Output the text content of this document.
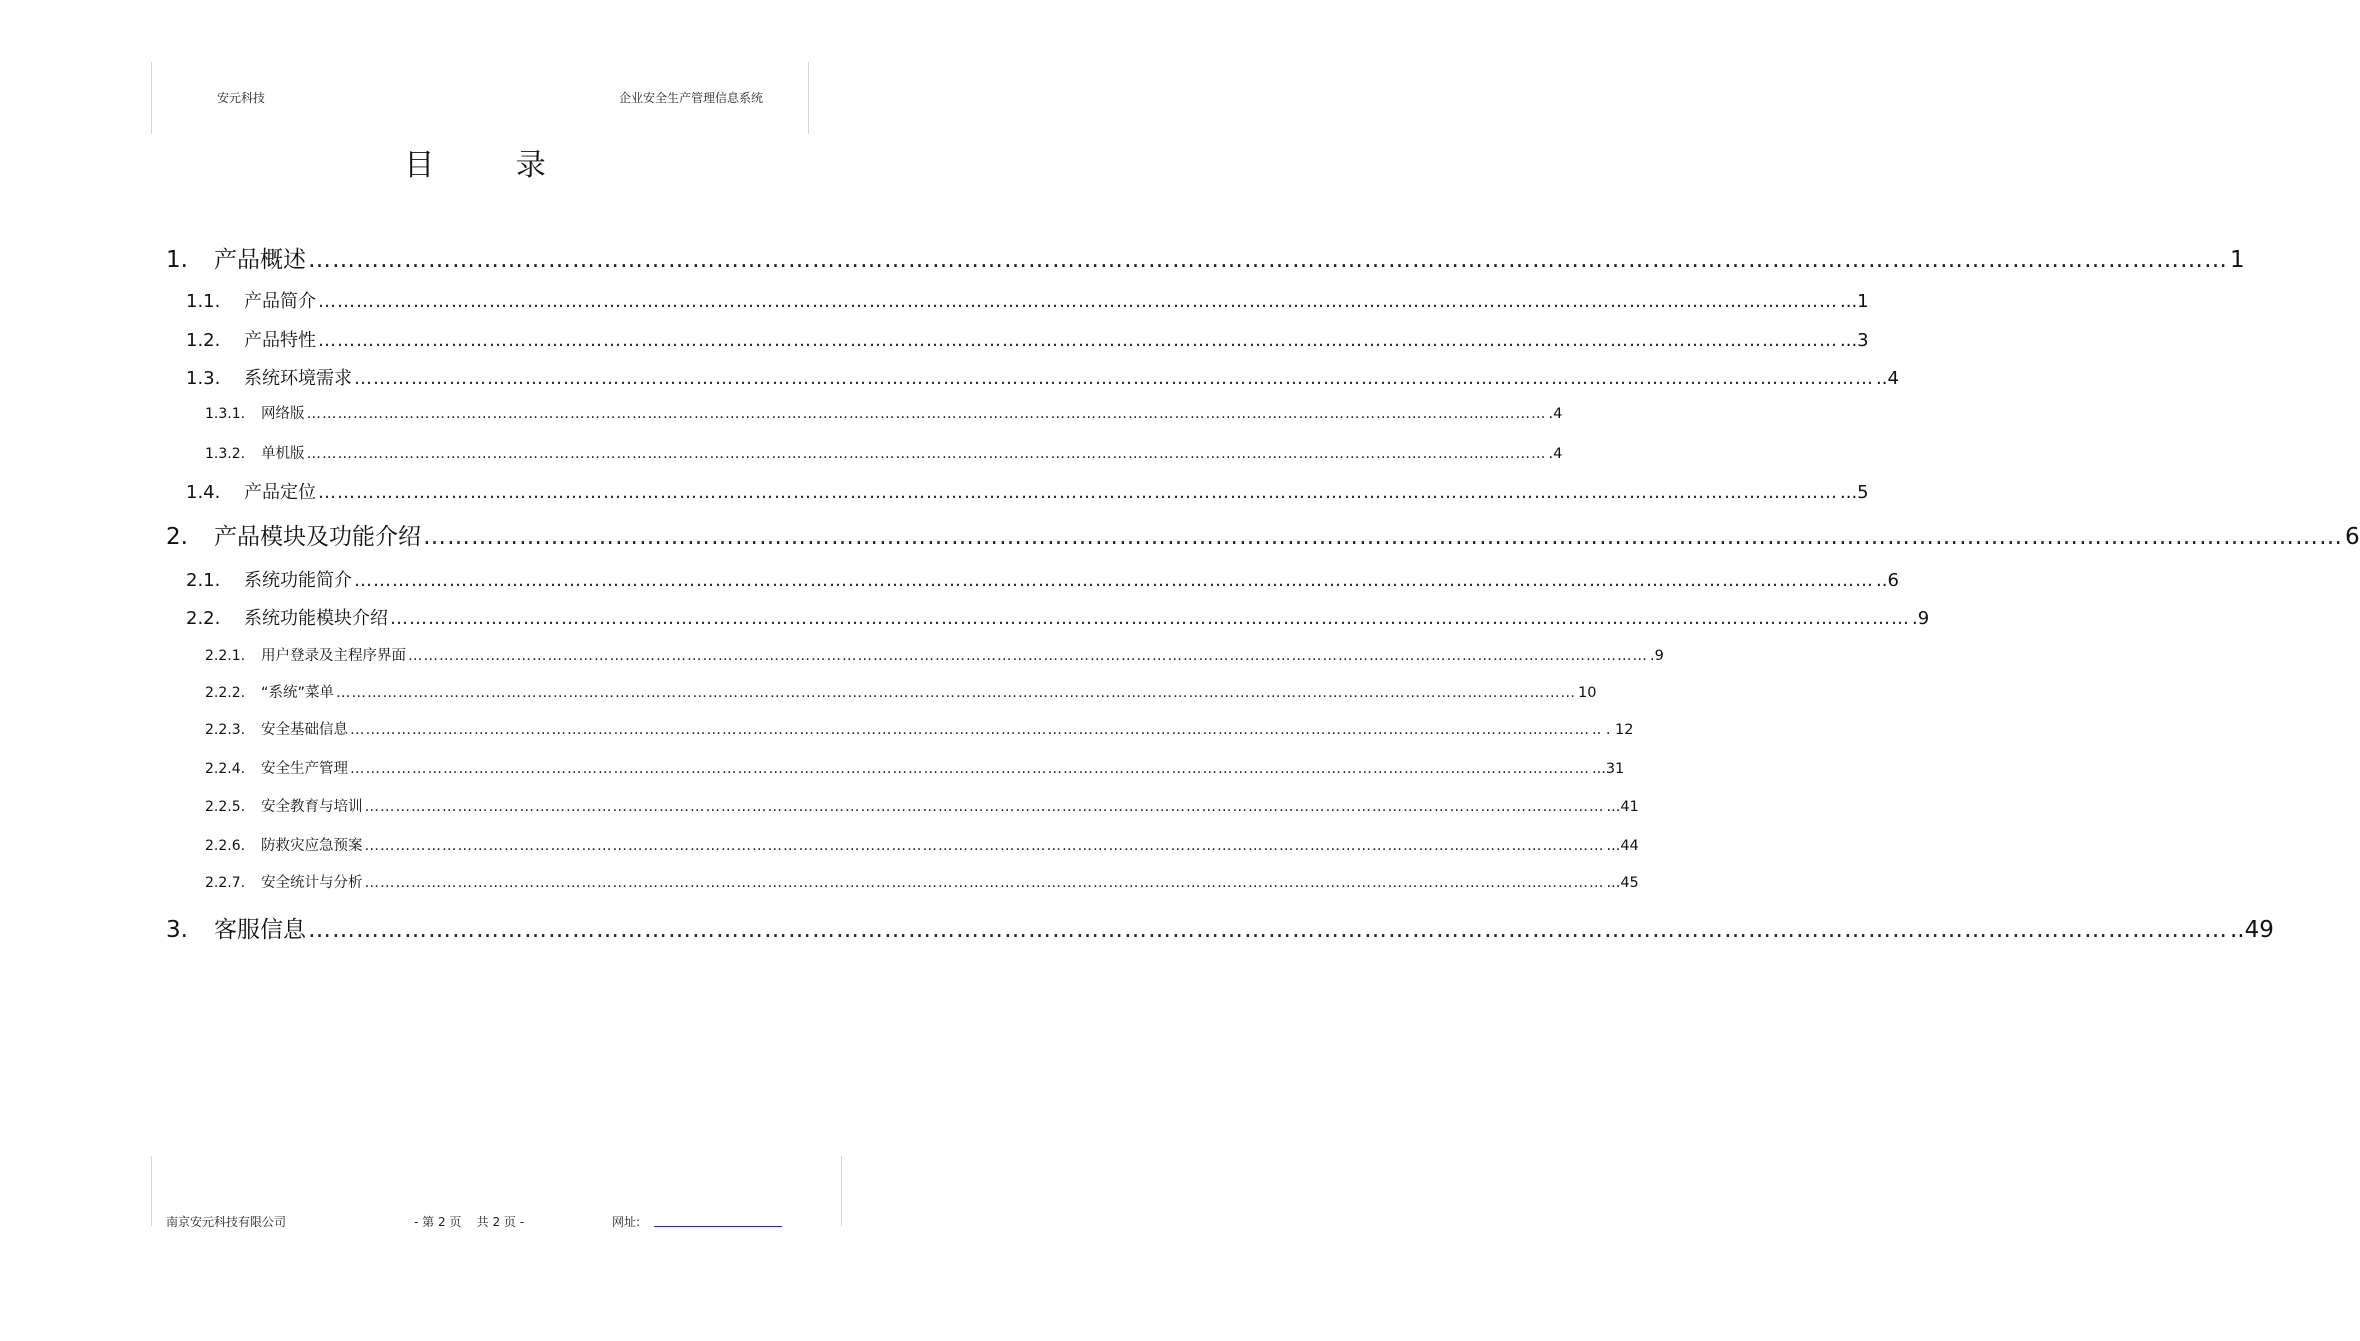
安元科技	企业安全生产管理信息系统
目 录
1.	产品概述 …………………………………………………………………………………………………………………………………………………………………………………………………………………… 1
1.1.	产品简介 …………………………………………………………………………………………………………………………………………………………………………………………………………………… ...1
1.2.	产品特性 …………………………………………………………………………………………………………………………………………………………………………………………………………………… ...3
1.3.	系统环境需求 …………………………………………………………………………………………………………………………………………………………………………………………………………………… ..4
1.3.1.	网络版 …………………………………………………………………………………………………………………………………………………………………………………………………………………… .4
1.3.2.	单机版 …………………………………………………………………………………………………………………………………………………………………………………………………………………… .4
1.4.	产品定位 …………………………………………………………………………………………………………………………………………………………………………………………………………………… ...5
2.	产品模块及功能介绍 …………………………………………………………………………………………………………………………………………………………………………………………………………………… 6
2.1.	系统功能简介 …………………………………………………………………………………………………………………………………………………………………………………………………………………… ..6
2.2.	系统功能模块介绍 …………………………………………………………………………………………………………………………………………………………………………………………………………………… .9
2.2.1.	用户登录及主程序界面 …………………………………………………………………………………………………………………………………………………………………………………………………………………… .9
2.2.2.	“系统”菜单 …………………………………………………………………………………………………………………………………………………………………………………………………………………… 10
2.2.3.	安全基础信息 …………………………………………………………………………………………………………………………………………………………………………………………………………………… .. . 12
2.2.4.	安全生产管理 …………………………………………………………………………………………………………………………………………………………………………………………………………………… ...31
2.2.5.	安全教育与培训 …………………………………………………………………………………………………………………………………………………………………………………………………………………… ...41
2.2.6.	防救灾应急预案 …………………………………………………………………………………………………………………………………………………………………………………………………………………… ...44
2.2.7.	安全统计与分析 …………………………………………………………………………………………………………………………………………………………………………………………………………………… ...45
3.	客服信息 …………………………………………………………………………………………………………………………………………………………………………………………………………………… ..49
南京安元科技有限公司	- 第 2 页    共 2 页 -	网址:
